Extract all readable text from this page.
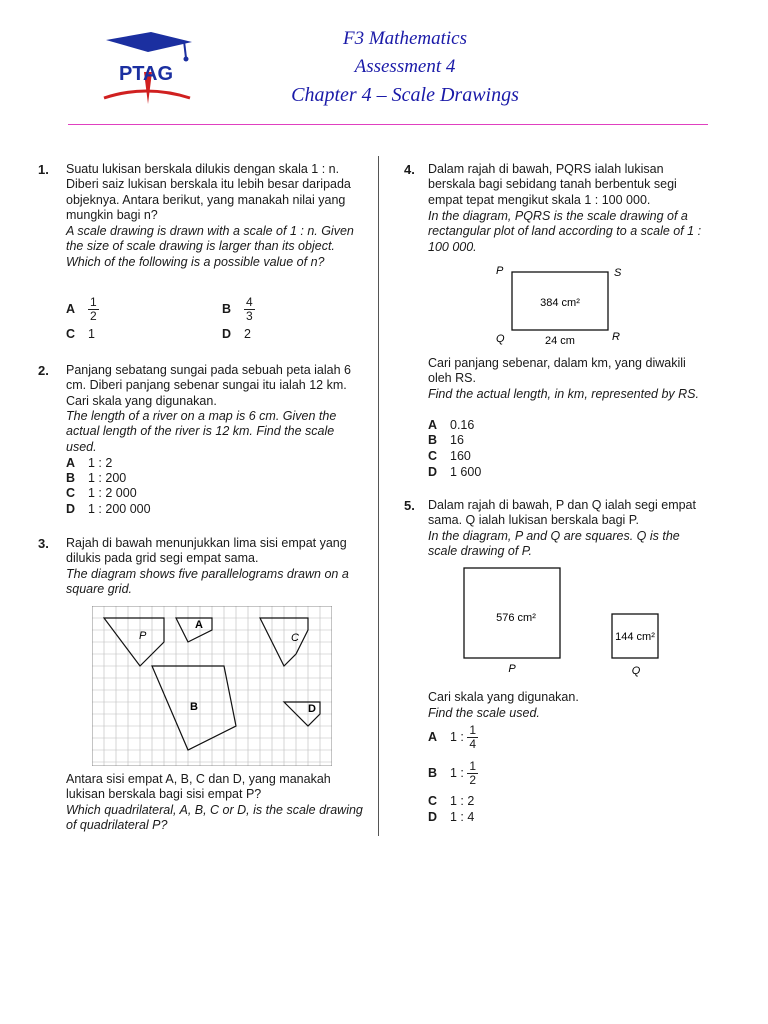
PTAG
F3 Mathematics
Assessment 4
Chapter 4 – Scale Drawings
1. Suatu lukisan berskala dilukis dengan skala 1 : n. Diberi saiz lukisan berskala itu lebih besar daripada objeknya. Antara berikut, yang manakah nilai yang mungkin bagi n?
A scale drawing is drawn with a scale of 1 : n. Given the size of scale drawing is larger than its object. Which of the following is a possible value of n?
A $\frac{1}{2}$	B $\frac{4}{3}$
C 1	D 2
2. Panjang sebatang sungai pada sebuah peta ialah 6 cm. Diberi panjang sebenar sungai itu ialah 12 km. Cari skala yang digunakan.
The length of a river on a map is 6 cm. Given the actual length of the river is 12 km. Find the scale used.
A 1 : 2
B 1 : 200
C 1 : 2 000
D 1 : 200 000
3. Rajah di bawah menunjukkan lima sisi empat yang dilukis pada grid segi empat sama.
The diagram shows five parallelograms drawn on a square grid.
P
A
C
B	D
Antara sisi empat A, B, C dan D, yang manakah lukisan berskala bagi sisi empat P?
Which quadrilateral, A, B, C or D, is the scale drawing of quadrilateral P?
4. Dalam rajah di bawah, PQRS ialah lukisan berskala bagi sebidang tanah berbentuk segi empat tepat mengikut skala 1 : 100 000.
In the diagram, PQRS is the scale drawing of a rectangular plot of land according to a scale of 1 : 100 000.
P	S
Q	R
384 cm²
24 cm
Cari panjang sebenar, dalam km, yang diwakili oleh RS.
Find the actual length, in km, represented by RS.
A 0.16
B 16
C 160
D 1 600
5. Dalam rajah di bawah, P dan Q ialah segi empat sama. Q ialah lukisan berskala bagi P.
In the diagram, P and Q are squares. Q is the scale drawing of P.
576 cm²
144 cm²
P	Q
Cari skala yang digunakan.
Find the scale used.
A 1 : $\frac{1}{4}$
B 1 : $\frac{1}{2}$
C 1 : 2
D 1 : 4
